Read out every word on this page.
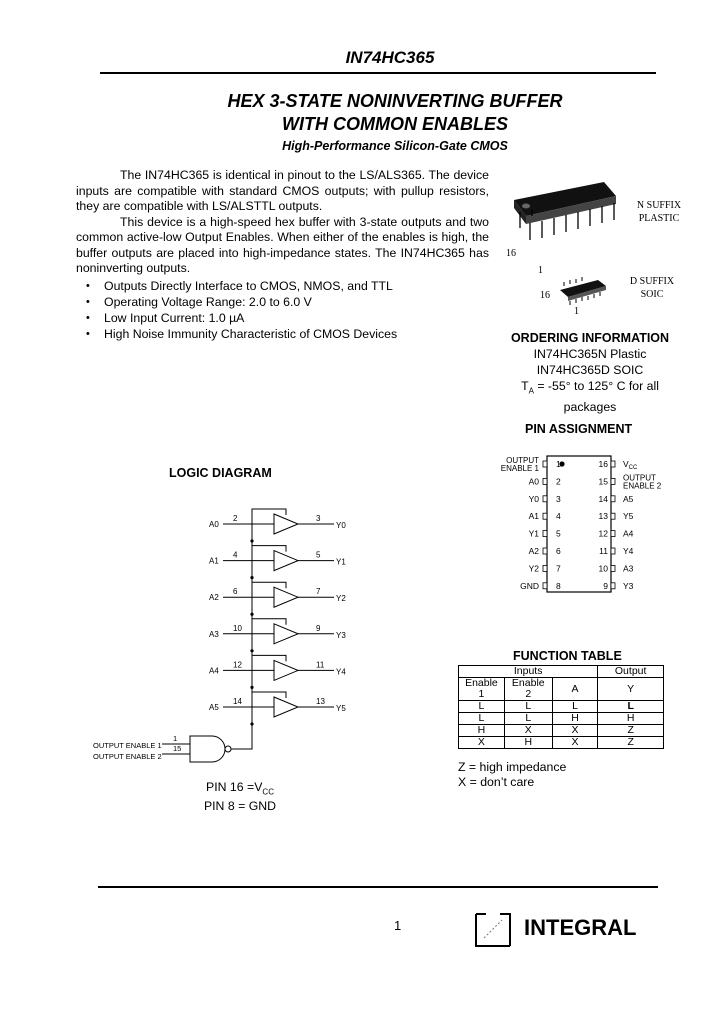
IN74HC365
HEX 3-STATE NONINVERTING BUFFER
WITH COMMON ENABLES
High-Performance Silicon-Gate CMOS

The IN74HC365 is identical in pinout to the LS/ALS365. The device inputs are compatible with standard CMOS outputs; with pullup resistors, they are compatible with LS/ALSTTL outputs.

This device is a high-speed hex buffer with 3-state outputs and two common active-low Output Enables. When either of the enables is high, the buffer outputs are placed into high-impedance states. The IN74HC365 has noninverting outputs.

• Outputs Directly Interface to CMOS, NMOS, and TTL
• Operating Voltage Range: 2.0 to 6.0 V
• Low Input Current: 1.0 µA
• High Noise Immunity Characteristic of CMOS Devices
16
1
N SUFFIX
PLASTIC
16
1
D SUFFIX
SOIC
ORDERING INFORMATION
IN74HC365N Plastic
IN74HC365D SOIC
$T_A = -55^\circ$ to 125° C for all
packages
PIN ASSIGNMENT
1
OUTPUT
ENABLE 1
2
A0
3
Y0
4
A1
5
Y1
6
A2
7
Y2
8
GND
16 $V_{CC}$
15 OUTPUT
ENABLE 2
14 A5
13 Y5
12 A4
11 Y4
10 A3
9 Y3
LOGIC DIAGRAM
A0
2	3
Y0
A1
4	5
Y1
A2
6	7
Y2
A3
10	9
Y3
A4
12	11
Y4
A5
14	13
Y5
OUTPUT ENABLE 1
OUTPUT ENABLE 2
1
15
PIN $16 =V_{CC}$
PIN 8 = GND
FUNCTION TABLE
Inputs			Output
Enable	Enable	A	Y
1	2		
L	L	L	L
L	L	H	H
H	X	X	Z
X	H	X	Z
Z = high impedance
X = don’t care
1	INTEGRAL
